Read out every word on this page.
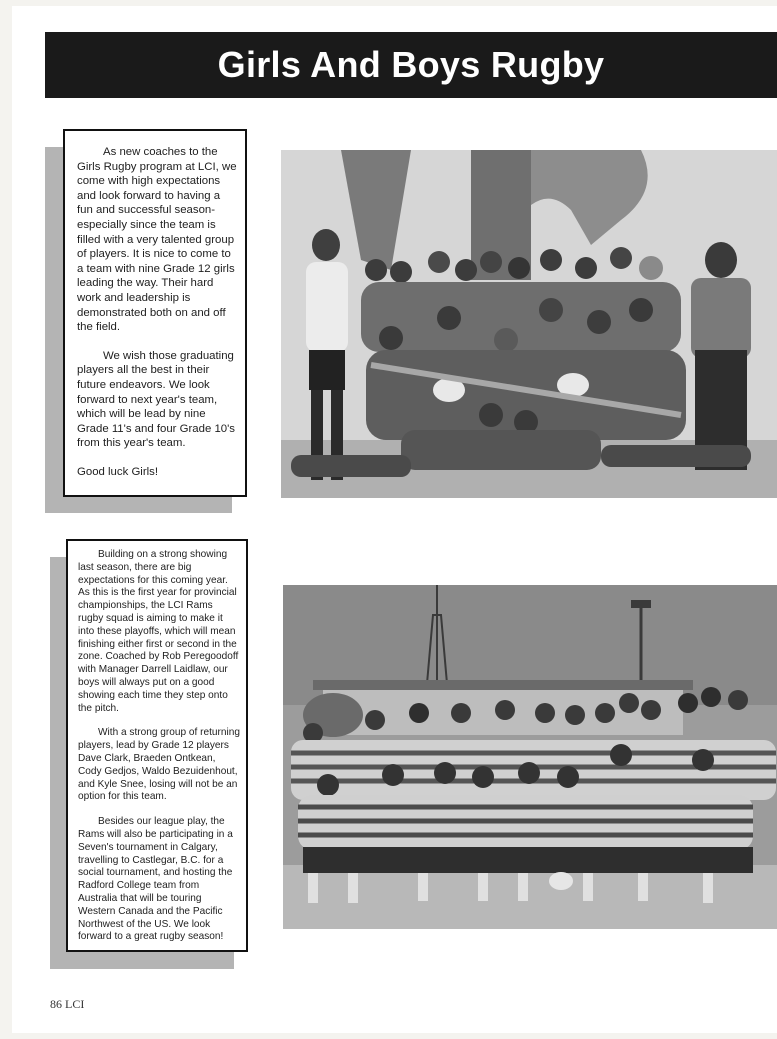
Girls And Boys Rugby

As new coaches to the Girls Rugby program at LCI, we come with high expectations and look forward to having a fun and successful season- especially since the team is filled with a very talented group of players. It is nice to come to a team with nine Grade 12 girls leading the way. Their hard work and leadership is demonstrated both on and off the field.

We wish those graduating players all the best in their future endeavors. We look forward to next year's team, which will be lead by nine Grade 11's and four Grade 10's from this year's team.

Good luck Girls!

Building on a strong showing last season, there are big expectations for this coming year. As this is the first year for provincial championships, the LCI Rams rugby squad is aiming to make it into these playoffs, which will mean finishing either first or second in the zone. Coached by Rob Peregoodoff with Manager Darrell Laidlaw, our boys will always put on a good showing each time they step onto the pitch.

With a strong group of returning players, lead by Grade 12 players Dave Clark, Braeden Ontkean, Cody Gedjos, Waldo Bezuidenhout, and Kyle Snee, losing will not be an option for this team.

Besides our league play, the Rams will also be participating in a Seven's tournament in Calgary, travelling to Castlegar, B.C. for a social tournament, and hosting the Radford College team from Australia that will be touring Western Canada and the Pacific Northwest of the US. We look forward to a great rugby season!

86 LCI
